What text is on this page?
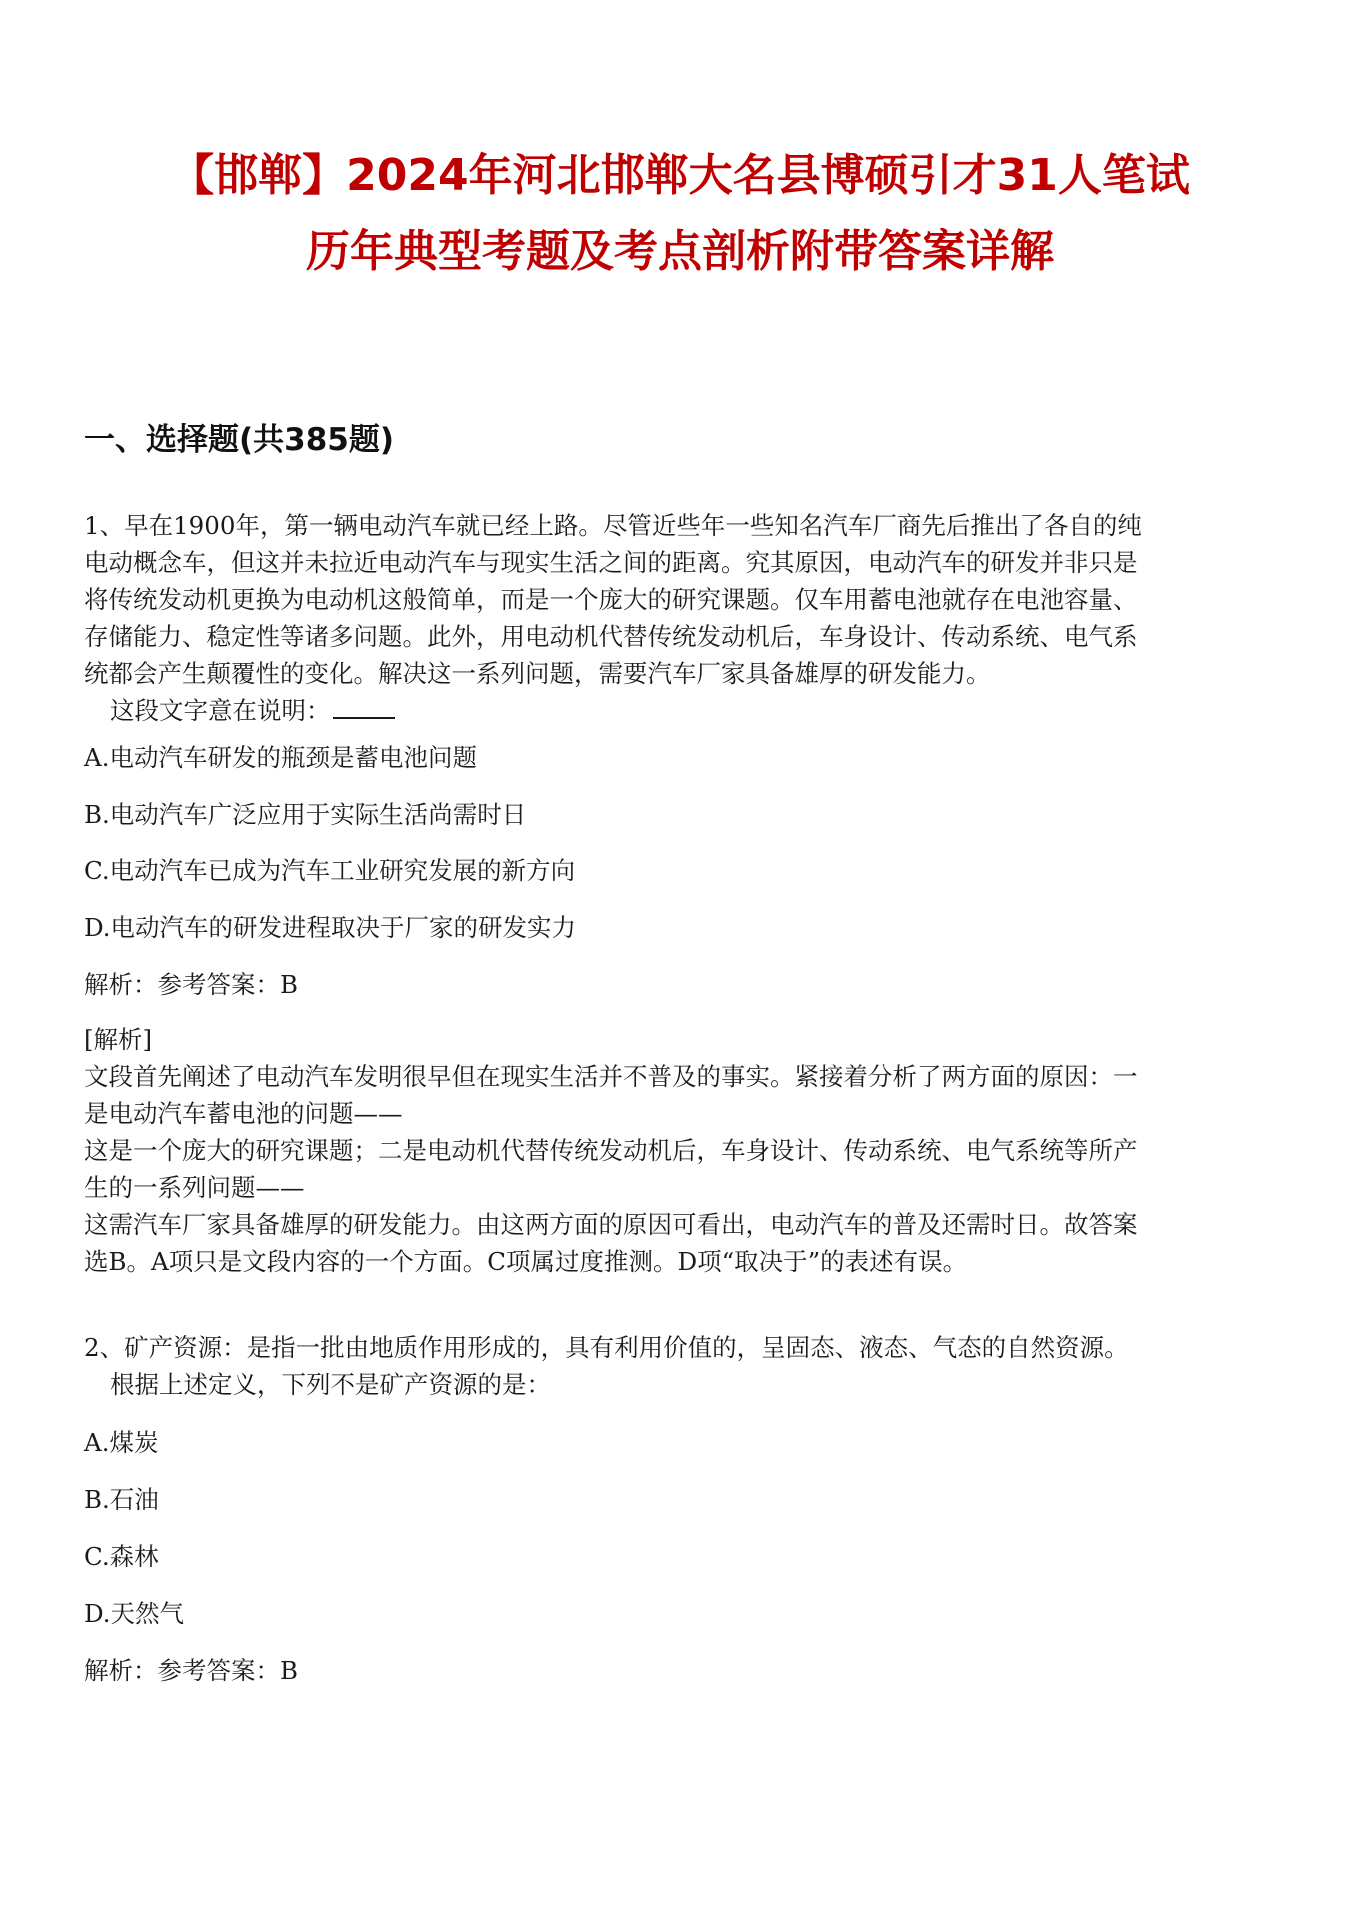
【邯郸】2024年河北邯郸大名县博硕引才31人笔试
历年典型考题及考点剖析附带答案详解
一、选择题(共385题)
1、早在1900年，第一辆电动汽车就已经上路。尽管近些年一些知名汽车厂商先后推出了各自的纯
电动概念车，但这并未拉近电动汽车与现实生活之间的距离。究其原因，电动汽车的研发并非只是
将传统发动机更换为电动机这般简单，而是一个庞大的研究课题。仅车用蓄电池就存在电池容量、
存储能力、稳定性等诸多问题。此外，用电动机代替传统发动机后，车身设计、传动系统、电气系
统都会产生颠覆性的变化。解决这一系列问题，需要汽车厂家具备雄厚的研发能力。
这段文字意在说明：
A.电动汽车研发的瓶颈是蓄电池问题
B.电动汽车广泛应用于实际生活尚需时日
C.电动汽车已成为汽车工业研究发展的新方向
D.电动汽车的研发进程取决于厂家的研发实力
解析：参考答案：B
[解析]
文段首先阐述了电动汽车发明很早但在现实生活并不普及的事实。紧接着分析了两方面的原因：一
是电动汽车蓄电池的问题——
这是一个庞大的研究课题；二是电动机代替传统发动机后，车身设计、传动系统、电气系统等所产
生的一系列问题——
这需汽车厂家具备雄厚的研发能力。由这两方面的原因可看出，电动汽车的普及还需时日。故答案
选B。A项只是文段内容的一个方面。C项属过度推测。D项“取决于”的表述有误。
2、矿产资源：是指一批由地质作用形成的，具有利用价值的，呈固态、液态、气态的自然资源。
根据上述定义，下列不是矿产资源的是：
A.煤炭
B.石油
C.森林
D.天然气
解析：参考答案：B
